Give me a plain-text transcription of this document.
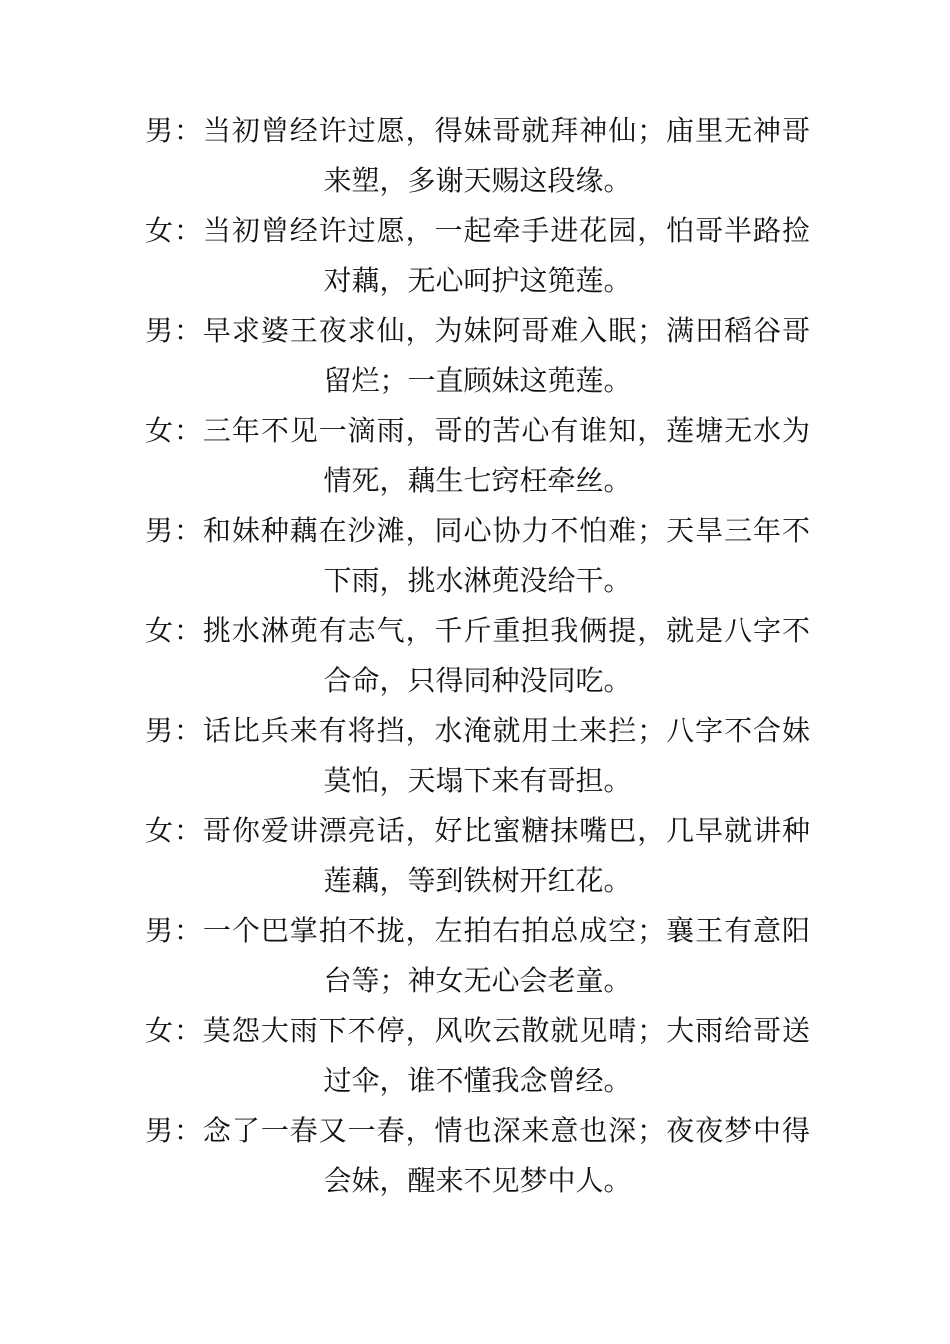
男：当初曾经许过愿，得妹哥就拜神仙；庙里无神哥
来塑，多谢天赐这段缘。
女：当初曾经许过愿，一起牵手进花园，怕哥半路捡
对藕，无心呵护这篼莲。
男：早求婆王夜求仙，为妹阿哥难入眠；满田稻谷哥
留烂；一直顾妹这蔸莲。
女：三年不见一滴雨，哥的苦心有谁知，莲塘无水为
情死，藕生七窍枉牵丝。
男：和妹种藕在沙滩，同心协力不怕难；天旱三年不
下雨，挑水淋蔸没给干。
女：挑水淋蔸有志气，千斤重担我俩提，就是八字不
合命，只得同种没同吃。
男：话比兵来有将挡，水淹就用土来拦；八字不合妹
莫怕，天塌下来有哥担。
女：哥你爱讲漂亮话，好比蜜糖抹嘴巴，几早就讲种
莲藕，等到铁树开红花。
男：一个巴掌拍不拢，左拍右拍总成空；襄王有意阳
台等；神女无心会老童。
女：莫怨大雨下不停，风吹云散就见晴；大雨给哥送
过伞，谁不懂我念曾经。
男：念了一春又一春，情也深来意也深；夜夜梦中得
会妹，醒来不见梦中人。
